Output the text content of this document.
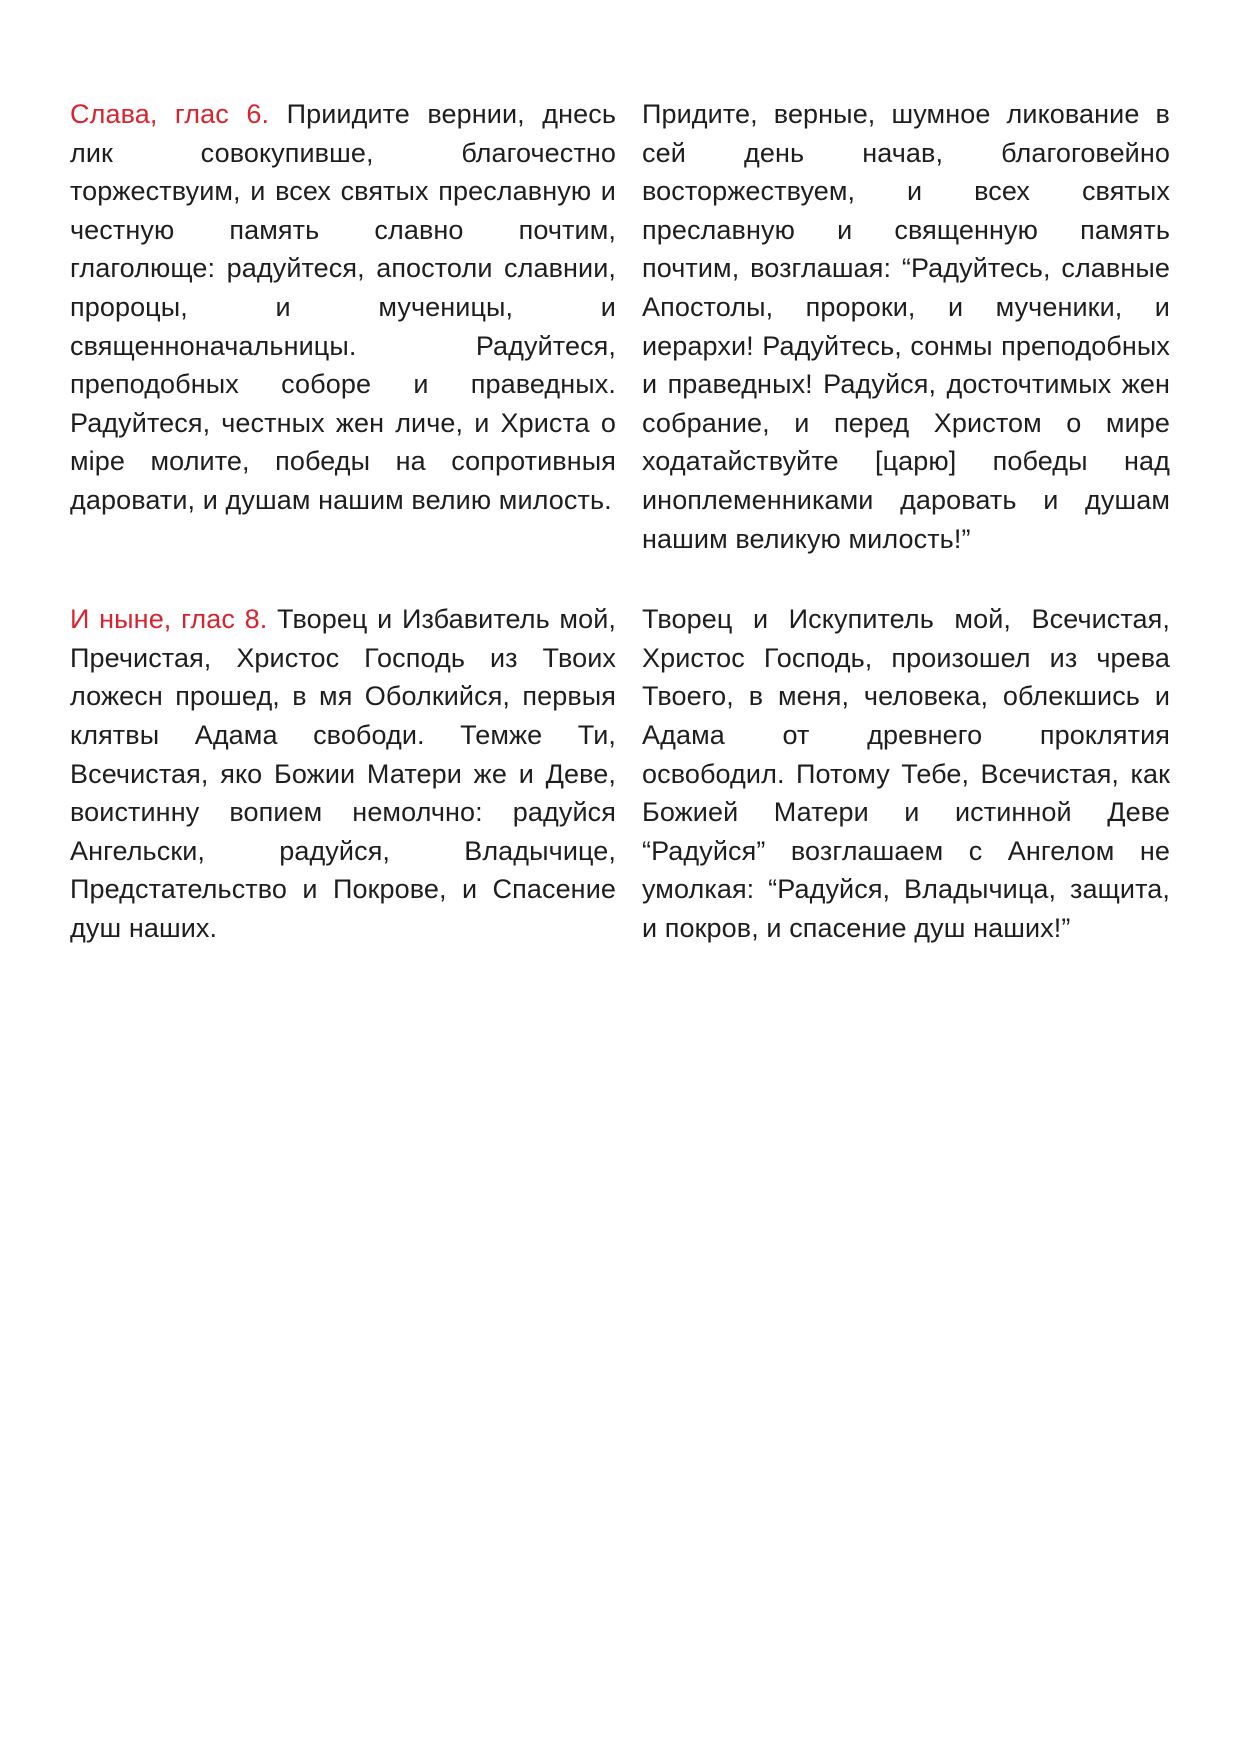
Слава, глас 6. Приидите вернии, днесь лик совокупивше, благочестно торжествуим, и всех святых преславную и честную память славно почтим, глаголюще: радуйтеся, апостоли славнии, пророцы, и мученицы, и священноначальницы. Радуйтеся, преподобных соборе и праведных. Радуйтеся, честных жен личе, и Христа о міре молите, победы на сопротивныя даровати, и душам нашим велию милость.
Придите, верные, шумное ликование в сей день начав, благоговейно восторжествуем, и всех святых преславную и священную память почтим, возглашая: “Радуйтесь, славные Апостолы, пророки, и мученики, и иерархи! Радуйтесь, сонмы преподобных и праведных! Радуйся, досточтимых жен собрание, и перед Христом о мире ходатайствуйте [царю] победы над иноплеменниками даровать и душам нашим великую милость!”
И ныне, глас 8. Творец и Избавитель мой, Пречистая, Христос Господь из Твоих ложесн прошед, в мя Оболкийся, первыя клятвы Адама свободи. Темже Ти, Всечистая, яко Божии Матери же и Деве, воистинну вопием немолчно: радуйся Ангельски, радуйся, Владычице, Предстательство и Покрове, и Спасение душ наших.
Творец и Искупитель мой, Всечистая, Христос Господь, произошел из чрева Твоего, в меня, человека, облекшись и Адама от древнего проклятия освободил. Потому Тебе, Всечистая, как Божией Матери и истинной Деве “Радуйся” возглашаем с Ангелом не умолкая: “Радуйся, Владычица, защита, и покров, и спасение душ наших!”
